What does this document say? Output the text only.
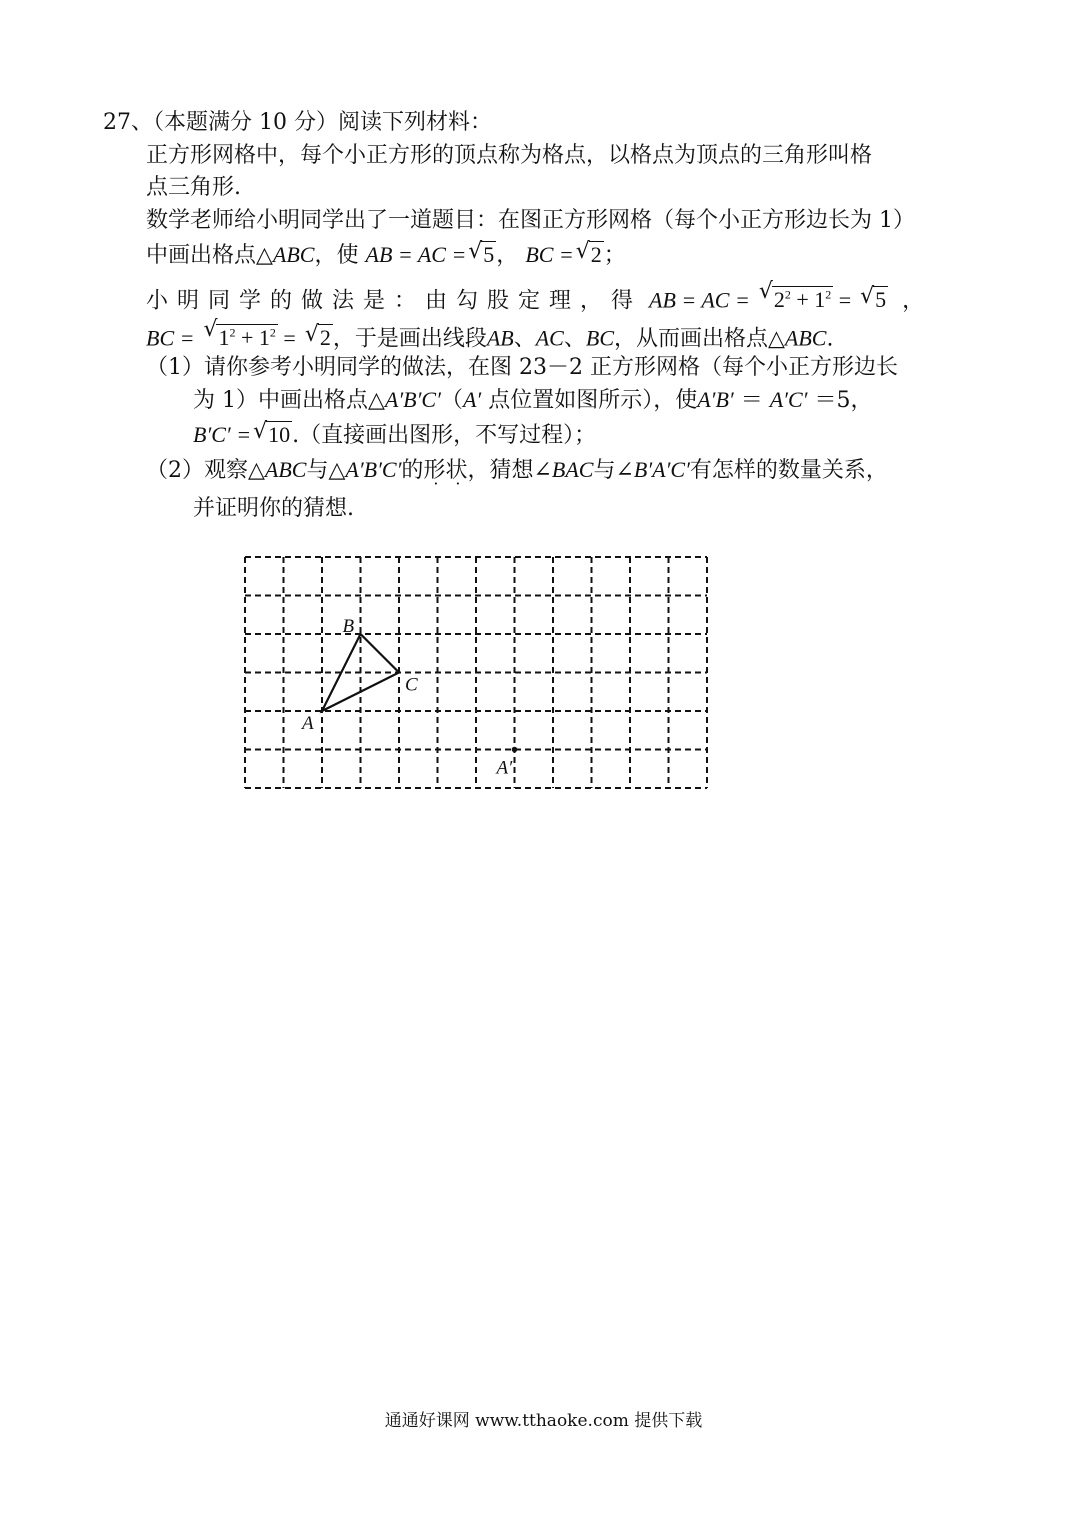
27、（本题满分 10 分）阅读下列材料：
正方形网格中，每个小正方形的顶点称为格点，以格点为顶点的三角形叫格
点三角形.
数学老师给小明同学出了一道题目：在图正方形网格（每个小正方形边长为 1）
中画出格点△ABC，使 AB = AC = √ 5， BC = √ 2；
小明同学的做法是：由勾股定理，得 AB = AC = √ $2^2 + 1^2$ = √ 5 ，
BC = √ $1^2 + 1^2$ = √ 2，于是画出线段AB、AC、BC，从而画出格点△ABC.
（1）请你参考小明同学的做法，在图 23－2 正方形网格（每个小正方形边长
为 1）中画出格点△A′B′C′（A′ 点位置如图所示），使A′B′ ＝ A′C′ ＝5，
B′C′ = √ 10.（直接画出图形，不写过程）；
（2）观察△ABC与△A′B′C′的形状，猜想∠BAC与∠B′A′C′有怎样的数量关系，
并证明你的猜想.
A
B
C
A′
通通好课网 www.tthaoke.com 提供下载
